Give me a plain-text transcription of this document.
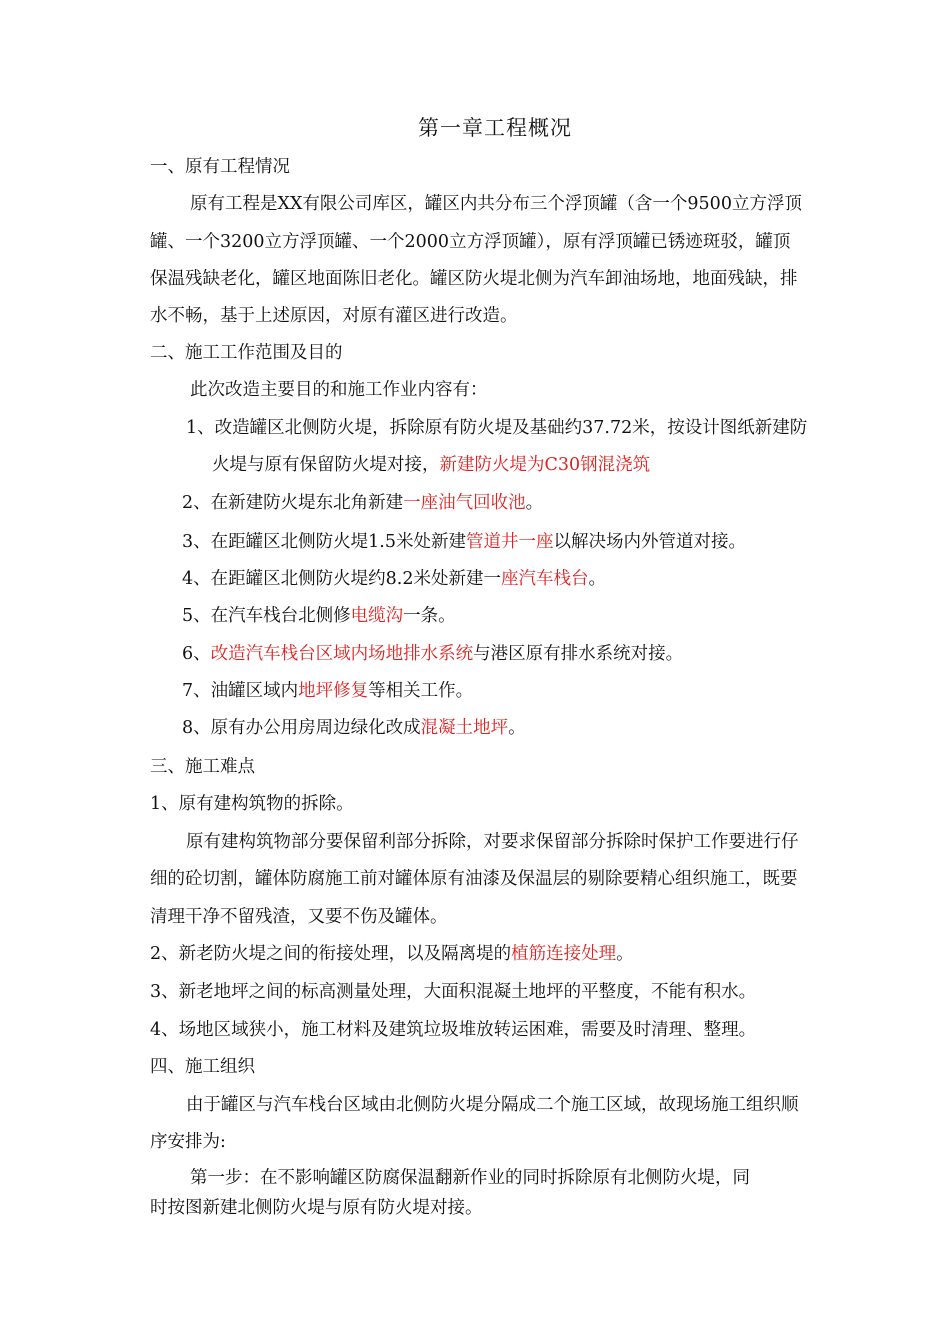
第一章工程概况
一、原有工程情况
原有工程是XX有限公司库区，罐区内共分布三个浮顶罐（含一个9500立方浮顶
罐、一个3200立方浮顶罐、一个2000立方浮顶罐），原有浮顶罐已锈迹斑驳，罐顶
保温残缺老化，罐区地面陈旧老化。罐区防火堤北侧为汽车卸油场地，地面残缺，排
水不畅，基于上述原因，对原有灌区进行改造。
二、施工工作范围及目的
此次改造主要目的和施工作业内容有：
1、改造罐区北侧防火堤，拆除原有防火堤及基础约37.72米，按设计图纸新建防
火堤与原有保留防火堤对接，新建防火堤为C30钢混浇筑
2、在新建防火堤东北角新建一座油气回收池。
3、在距罐区北侧防火堤1.5米处新建管道井一座以解决场内外管道对接。
4、在距罐区北侧防火堤约8.2米处新建一座汽车栈台。
5、在汽车栈台北侧修电缆沟一条。
6、改造汽车栈台区域内场地排水系统与港区原有排水系统对接。
7、油罐区域内地坪修复等相关工作。
8、原有办公用房周边绿化改成混凝土地坪。
三、施工难点
1、原有建构筑物的拆除。
原有建构筑物部分要保留利部分拆除，对要求保留部分拆除时保护工作要进行仔
细的砼切割，罐体防腐施工前对罐体原有油漆及保温层的剔除要精心组织施工，既要
清理干净不留残渣，又要不伤及罐体。
2、新老防火堤之间的衔接处理，以及隔离堤的植筋连接处理。
3、新老地坪之间的标高测量处理，大面积混凝土地坪的平整度，不能有积水。
4、场地区域狭小，施工材料及建筑垃圾堆放转运困难，需要及时清理、整理。
四、施工组织
由于罐区与汽车栈台区域由北侧防火堤分隔成二个施工区域，故现场施工组织顺
序安排为:
第一步：在不影响罐区防腐保温翻新作业的同时拆除原有北侧防火堤，同
时按图新建北侧防火堤与原有防火堤对接。
